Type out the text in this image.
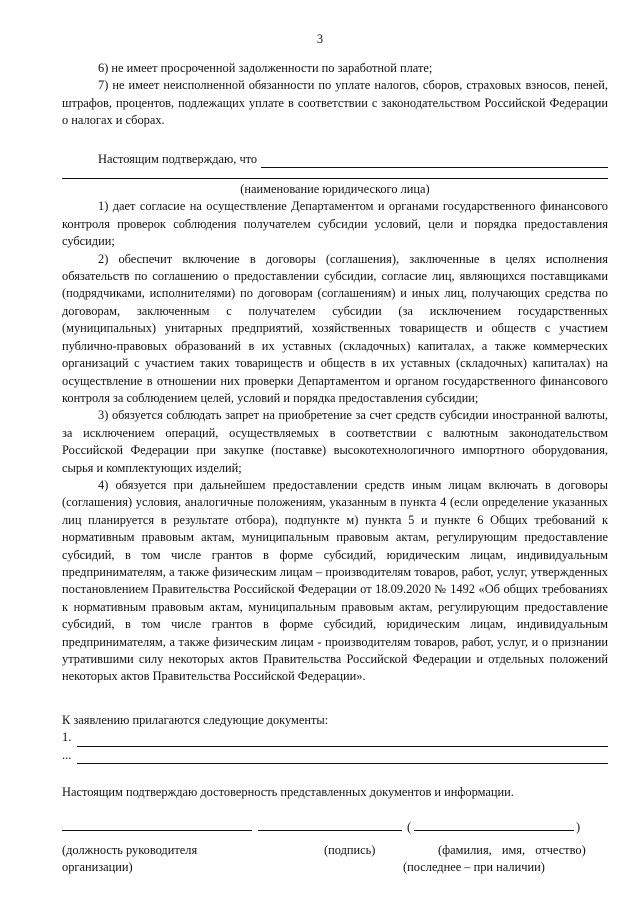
3

6) не имеет просроченной задолженности по заработной плате;

7) не имеет неисполненной обязанности по уплате налогов, сборов, страховых взносов, пеней, штрафов, процентов, подлежащих уплате в соответствии с законодательством Российской Федерации о налогах и сборах.

Настоящим подтверждаю, что
(наименование юридического лица)

1) дает согласие на осуществление Департаментом и органами государственного финансового контроля проверок соблюдения получателем субсидии условий, цели и порядка предоставления субсидии;

2) обеспечит включение в договоры (соглашения), заключенные в целях исполнения обязательств по соглашению о предоставлении субсидии, согласие лиц, являющихся поставщиками (подрядчиками, исполнителями) по договорам (соглашениям) и иных лиц, получающих средства по договорам, заключенным с получателем субсидии (за исключением государственных (муниципальных) унитарных предприятий, хозяйственных товариществ и обществ с участием публично-правовых образований в их уставных (складочных) капиталах, а также коммерческих организаций с участием таких товариществ и обществ в их уставных (складочных) капиталах) на осуществление в отношении них проверки Департаментом и органом государственного финансового контроля за соблюдением целей, условий и порядка предоставления субсидии;

3) обязуется соблюдать запрет на приобретение за счет средств субсидии иностранной валюты, за исключением операций, осуществляемых в соответствии с валютным законодательством Российской Федерации при закупке (поставке) высокотехнологичного импортного оборудования, сырья и комплектующих изделий;

4) обязуется при дальнейшем предоставлении средств иным лицам включать в договоры (соглашения) условия, аналогичные положениям, указанным в пункта 4 (если определение указанных лиц планируется в результате отбора), подпункте м) пункта 5 и пункте 6 Общих требований к нормативным правовым актам, муниципальным правовым актам, регулирующим предоставление субсидий, в том числе грантов в форме субсидий, юридическим лицам, индивидуальным предпринимателям, а также физическим лицам – производителям товаров, работ, услуг, утвержденных постановлением Правительства Российской Федерации от 18.09.2020 № 1492 «Об общих требованиях к нормативным правовым актам, муниципальным правовым актам, регулирующим предоставление субсидий, в том числе грантов в форме субсидий, юридическим лицам, индивидуальным предпринимателям, а также физическим лицам - производителям товаров, работ, услуг, и о признании утратившими силу некоторых актов Правительства Российской Федерации и отдельных положений некоторых актов Правительства Российской Федерации».

К заявлению прилагаются следующие документы:

1.
...

Настоящим подтверждаю достоверность представленных документов и информации.

(	)
(должность руководителя
организации)
(подпись)	(фамилия, имя, отчество)
(последнее – при наличии)
